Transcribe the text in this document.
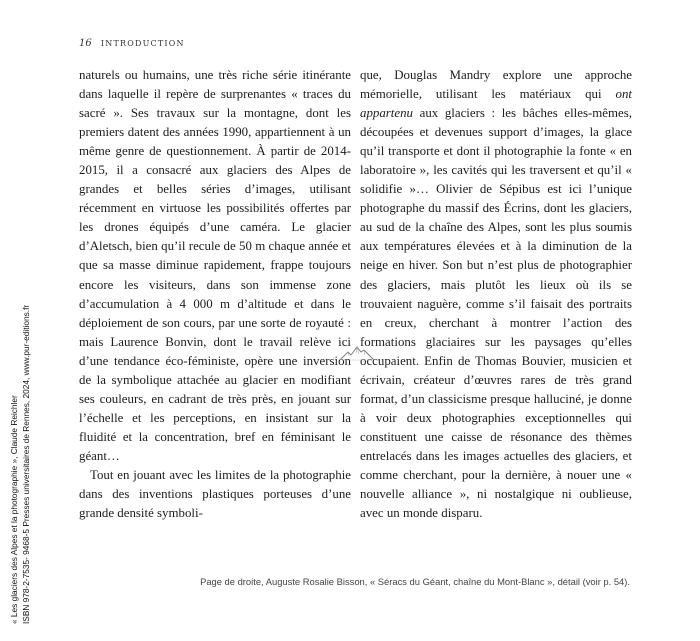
16 INTRODUCTION

naturels ou humains, une très riche série itinérante dans laquelle il repère de surprenantes « traces du sacré ». Ses travaux sur la montagne, dont les premiers datent des années 1990, appartiennent à un même genre de questionnement. À partir de 2014-2015, il a consacré aux glaciers des Alpes de grandes et belles séries d’images, utilisant récemment en virtuose les possibilités offertes par les drones équipés d’une caméra. Le glacier d’Aletsch, bien qu’il recule de 50 m chaque année et que sa masse diminue rapidement, frappe toujours encore les visiteurs, dans son immense zone d’accumulation à 4 000 m d’altitude et dans le déploiement de son cours, par une sorte de royauté : mais Laurence Bonvin, dont le travail relève ici d’une tendance éco-féministe, opère une inversion de la symbolique attachée au glacier en modifiant ses couleurs, en cadrant de très près, en jouant sur l’échelle et les perceptions, en insistant sur la fluidité et la concentration, bref en féminisant le géant…

Tout en jouant avec les limites de la photographie dans des inventions plastiques porteuses d’une grande densité symboli-

que, Douglas Mandry explore une approche mémorielle, utilisant les matériaux qui ont appartenu aux glaciers : les bâches elles-mêmes, découpées et devenues support d’images, la glace qu’il transporte et dont il photographie la fonte « en laboratoire », les cavités qui les traversent et qu’il « solidifie »… Olivier de Sépibus est ici l’unique photographe du massif des Écrins, dont les glaciers, au sud de la chaîne des Alpes, sont les plus soumis aux températures élevées et à la diminution de la neige en hiver. Son but n’est plus de photographier des glaciers, mais plutôt les lieux où ils se trouvaient naguère, comme s’il faisait des portraits en creux, cherchant à montrer l’action des formations glaciaires sur les paysages qu’elles occupaient. Enfin de Thomas Bouvier, musicien et écrivain, créateur d’œuvres rares de très grand format, d’un classicisme presque halluciné, je donne à voir deux photographies exceptionnelles qui constituent une caisse de résonance des thèmes entrelacés dans les images actuelles des glaciers, et comme cherchant, pour la dernière, à nouer une « nouvelle alliance », ni nostalgique ni oublieuse, avec un monde disparu.

Page de droite, Auguste Rosalie Bisson, « Séracs du Géant, chaîne du Mont-Blanc », détail (voir p. 54).
« Les glaciers des Alpes et la photographie », Claude Reichler ISBN 978-2-7535- 9468-5 Presses universitaires de Rennes, 2024, www.pur-editions.fr
